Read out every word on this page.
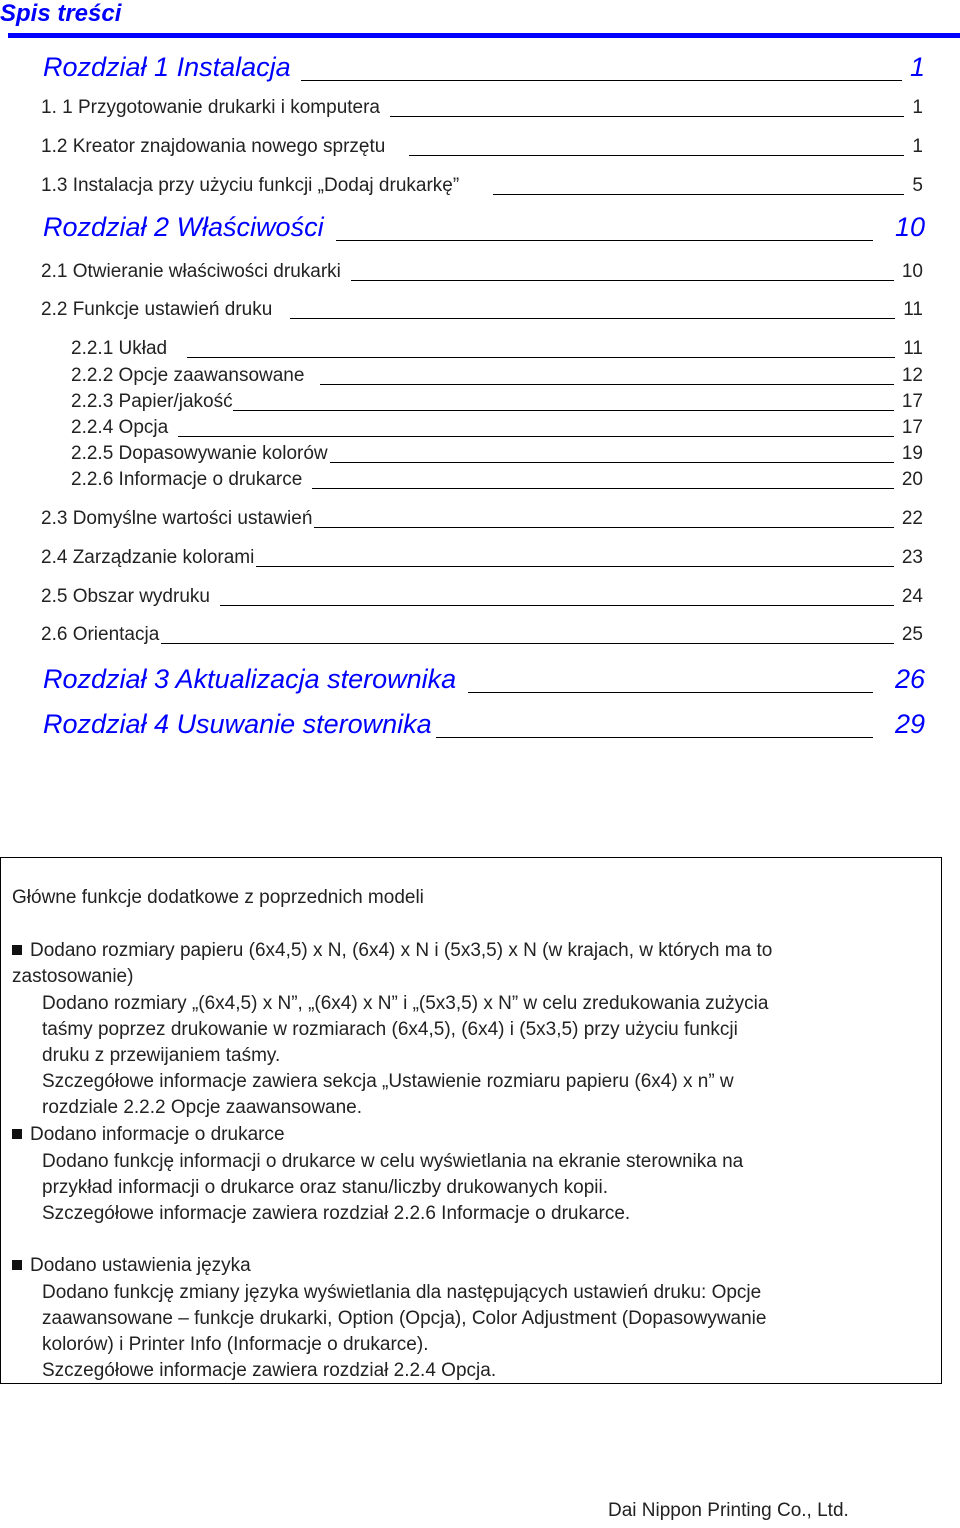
Spis treści
Rozdział 1 Instalacja	1
1. 1 Przygotowanie drukarki i komputera	1
1.2 Kreator znajdowania nowego sprzętu	1
1.3 Instalacja przy użyciu funkcji „Dodaj drukarkę”	5
Rozdział 2 Właściwości	10
2.1 Otwieranie właściwości drukarki	10
2.2 Funkcje ustawień druku	11
2.2.1 Układ	11
2.2.2 Opcje zaawansowane	12
2.2.3 Papier/jakość	17
2.2.4 Opcja	17
2.2.5 Dopasowywanie kolorów	19
2.2.6 Informacje o drukarce	20
2.3 Domyślne wartości ustawień	22
2.4 Zarządzanie kolorami	23
2.5 Obszar wydruku	24
2.6 Orientacja	25
Rozdział 3 Aktualizacja sterownika	26
Rozdział 4 Usuwanie sterownika	29
Główne funkcje dodatkowe z poprzednich modeli
Dodano rozmiary papieru (6x4,5) x N, (6x4) x N i (5x3,5) x N (w krajach, w których ma to
zastosowanie)
Dodano rozmiary „(6x4,5) x N”, „(6x4) x N” i „(5x3,5) x N” w celu zredukowania zużycia
taśmy poprzez drukowanie w rozmiarach (6x4,5), (6x4) i (5x3,5) przy użyciu funkcji
druku z przewijaniem taśmy.
Szczegółowe informacje zawiera sekcja „Ustawienie rozmiaru papieru (6x4) x n” w
rozdziale 2.2.2 Opcje zaawansowane.
Dodano informacje o drukarce
Dodano funkcję informacji o drukarce w celu wyświetlania na ekranie sterownika na
przykład informacji o drukarce oraz stanu/liczby drukowanych kopii.
Szczegółowe informacje zawiera rozdział 2.2.6 Informacje o drukarce.
Dodano ustawienia języka
Dodano funkcję zmiany języka wyświetlania dla następujących ustawień druku: Opcje
zaawansowane – funkcje drukarki, Option (Opcja), Color Adjustment (Dopasowywanie
kolorów) i Printer Info (Informacje o drukarce).
Szczegółowe informacje zawiera rozdział 2.2.4 Opcja.
Dai Nippon Printing Co., Ltd.
